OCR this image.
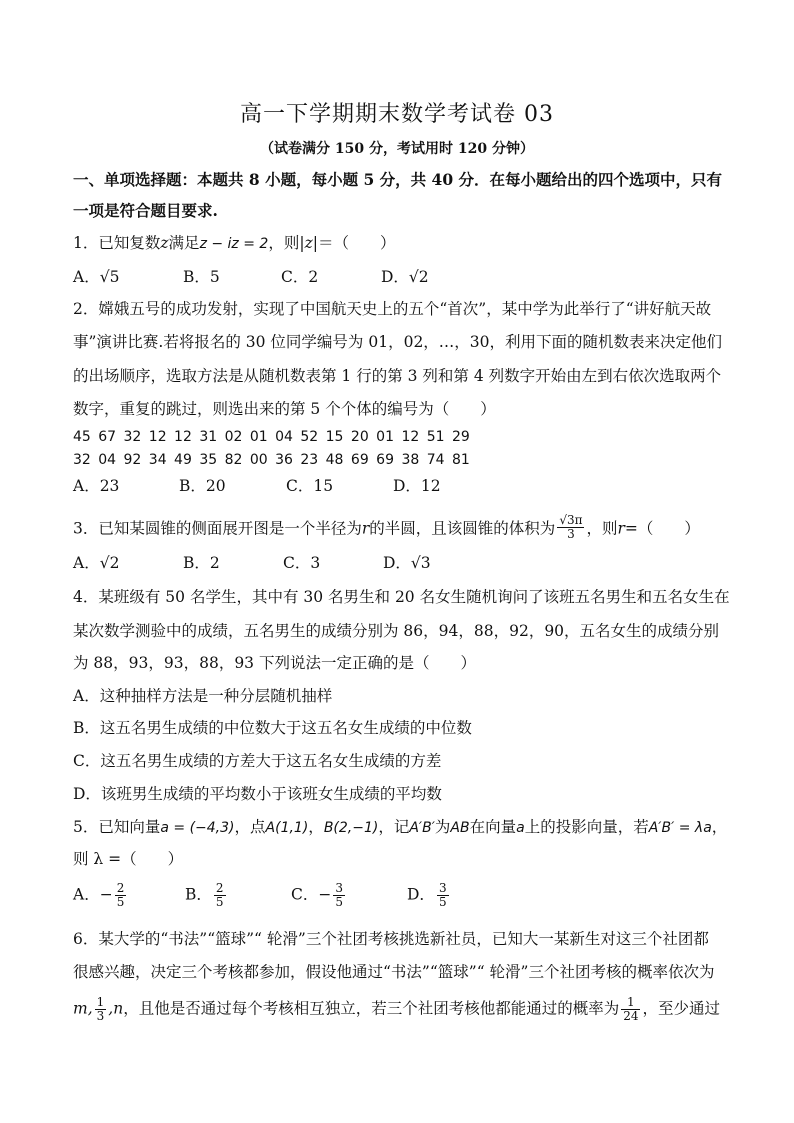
高一下学期期末数学考试卷 03
（试卷满分 150 分，考试用时 120 分钟）
一、单项选择题：本题共 8 小题，每小题 5 分，共 40 分．在每小题给出的四个选项中，只有
一项是符合题目要求.
1．已知复数z满足z − iz = 2，则|z|＝（　　）
A．√5	B．5	C．2	D．√2
2．嫦娥五号的成功发射，实现了中国航天史上的五个“首次”，某中学为此举行了“讲好航天故
事”演讲比赛.若将报名的 30 位同学编号为 01，02，…，30，利用下面的随机数表来决定他们
的出场顺序，选取方法是从随机数表第 1 行的第 3 列和第 4 列数字开始由左到右依次选取两个
数字，重复的跳过，则选出来的第 5 个个体的编号为（　　）
45 67 32 12 12 31 02 01 04 52 15 20 01 12 51 29
32 04 92 34 49 35 82 00 36 23 48 69 69 38 74 81
A．23	B．20	C．15	D．12
3．已知某圆锥的侧面展开图是一个半径为r的半圆，且该圆锥的体积为 $\frac{√3\pi}{3}$ ，则r=（　　）
A．√2	B．2	C．3	D．√3
4．某班级有 50 名学生，其中有 30 名男生和 20 名女生随机询问了该班五名男生和五名女生在
某次数学测验中的成绩，五名男生的成绩分别为 86，94，88，92，90，五名女生的成绩分别
为 88，93，93，88，93 下列说法一定正确的是（　　）
A．这种抽样方法是一种分层随机抽样
B．这五名男生成绩的中位数大于这五名女生成绩的中位数
C．这五名男生成绩的方差大于这五名女生成绩的方差
D．该班男生成绩的平均数小于该班女生成绩的平均数
5．已知向量a = (−4,3)，点A(1,1)，B(2,−1)，记A′B′为AB在向量a上的投影向量，若A′B′ = λa，
则 λ =（　　）
A．− $\frac{2}{5}$	B． $\frac{2}{5}$	C．− $\frac{3}{5}$	D． $\frac{3}{5}$
6．某大学的“书法”“篮球”“ 轮滑”三个社团考核挑选新社员，已知大一某新生对这三个社团都
很感兴趣，决定三个考核都参加，假设他通过“书法”“篮球”“ 轮滑”三个社团考核的概率依次为
m, $\frac{1}{3} ,n$，且他是否通过每个考核相互独立，若三个社团考核他都能通过的概率为 $\frac{1}{24}$ ，至少通过
